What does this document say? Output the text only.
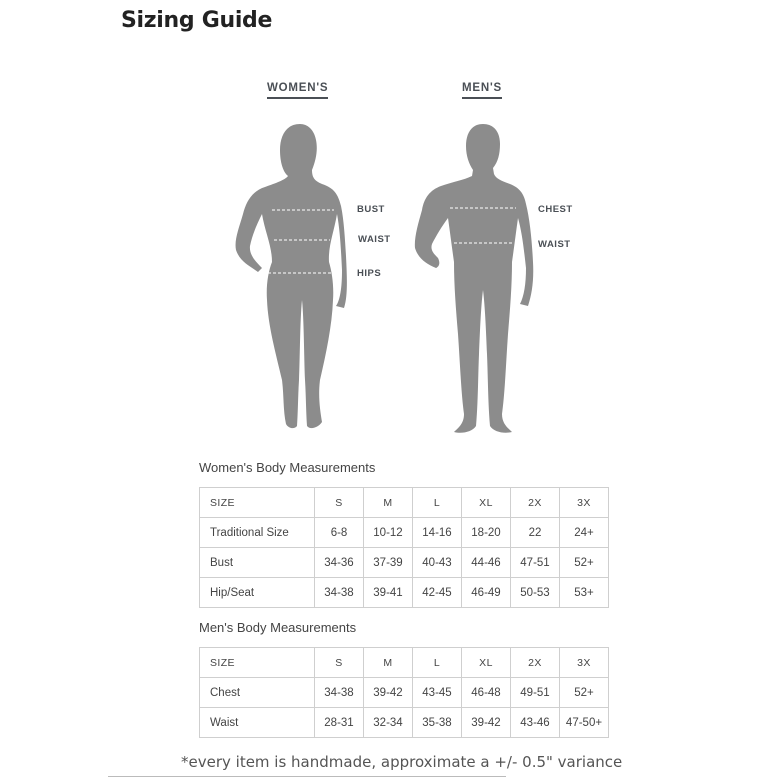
Sizing Guide
WOMEN'S	MEN'S
BUST
WAIST
HIPS
CHEST
WAIST
Women's Body Measurements
SIZE	S	M	L	XL	2X	3X
Traditional Size	6-8	10-12	14-16	18-20	22	24+
Bust	34-36	37-39	40-43	44-46	47-51	52+
Hip/Seat	34-38	39-41	42-45	46-49	50-53	53+
Men's Body Measurements
SIZE	S	M	L	XL	2X	3X
Chest	34-38	39-42	43-45	46-48	49-51	52+
Waist	28-31	32-34	35-38	39-42	43-46	47-50+
*every item is handmade, approximate a +/- 0.5" variance
